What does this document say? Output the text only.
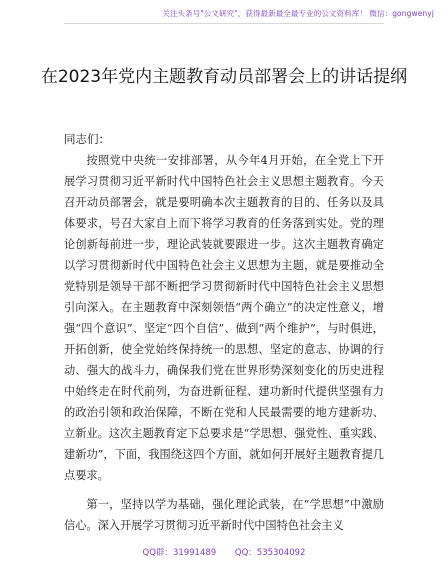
关注头条号"公文研究"，获得最新最全最专业的公文资料库！ 微信：gongwenyj
在2023年党内主题教育动员部署会上的讲话提纲
同志们：

按照党中央统一安排部署，从今年4月开始，在全党上下开展学习贯彻习近平新时代中国特色社会主义思想主题教育。今天召开动员部署会，就是要明确本次主题教育的目的、任务以及具体要求，号召大家自上而下将学习教育的任务落到实处。党的理论创新每前进一步，理论武装就要跟进一步。这次主题教育确定以学习贯彻新时代中国特色社会主义思想为主题，就是要推动全党特别是领导干部不断把学习贯彻新时代中国特色社会主义思想引向深入。在主题教育中深刻领悟“两个确立”的决定性意义，增强“四个意识”、坚定“四个自信”、做到“两个维护”，与时俱进，开拓创新，使全党始终保持统一的思想、坚定的意志、协调的行动、强大的战斗力，确保我们党在世界形势深刻变化的历史进程中始终走在时代前列，为奋进新征程、建功新时代提供坚强有力的政治引领和政治保障，不断在党和人民最需要的地方建新功、立新业。这次主题教育定下总要求是“学思想、强党性、重实践、建新功”，下面，我围绕这四个方面，就如何开展好主题教育提几点要求。

第一，坚持以学为基础，强化理论武装，在“学思想”中激励信心。深入开展学习贯彻习近平新时代中国特色社会主义

QQ群：31991489 QQ：535304092
